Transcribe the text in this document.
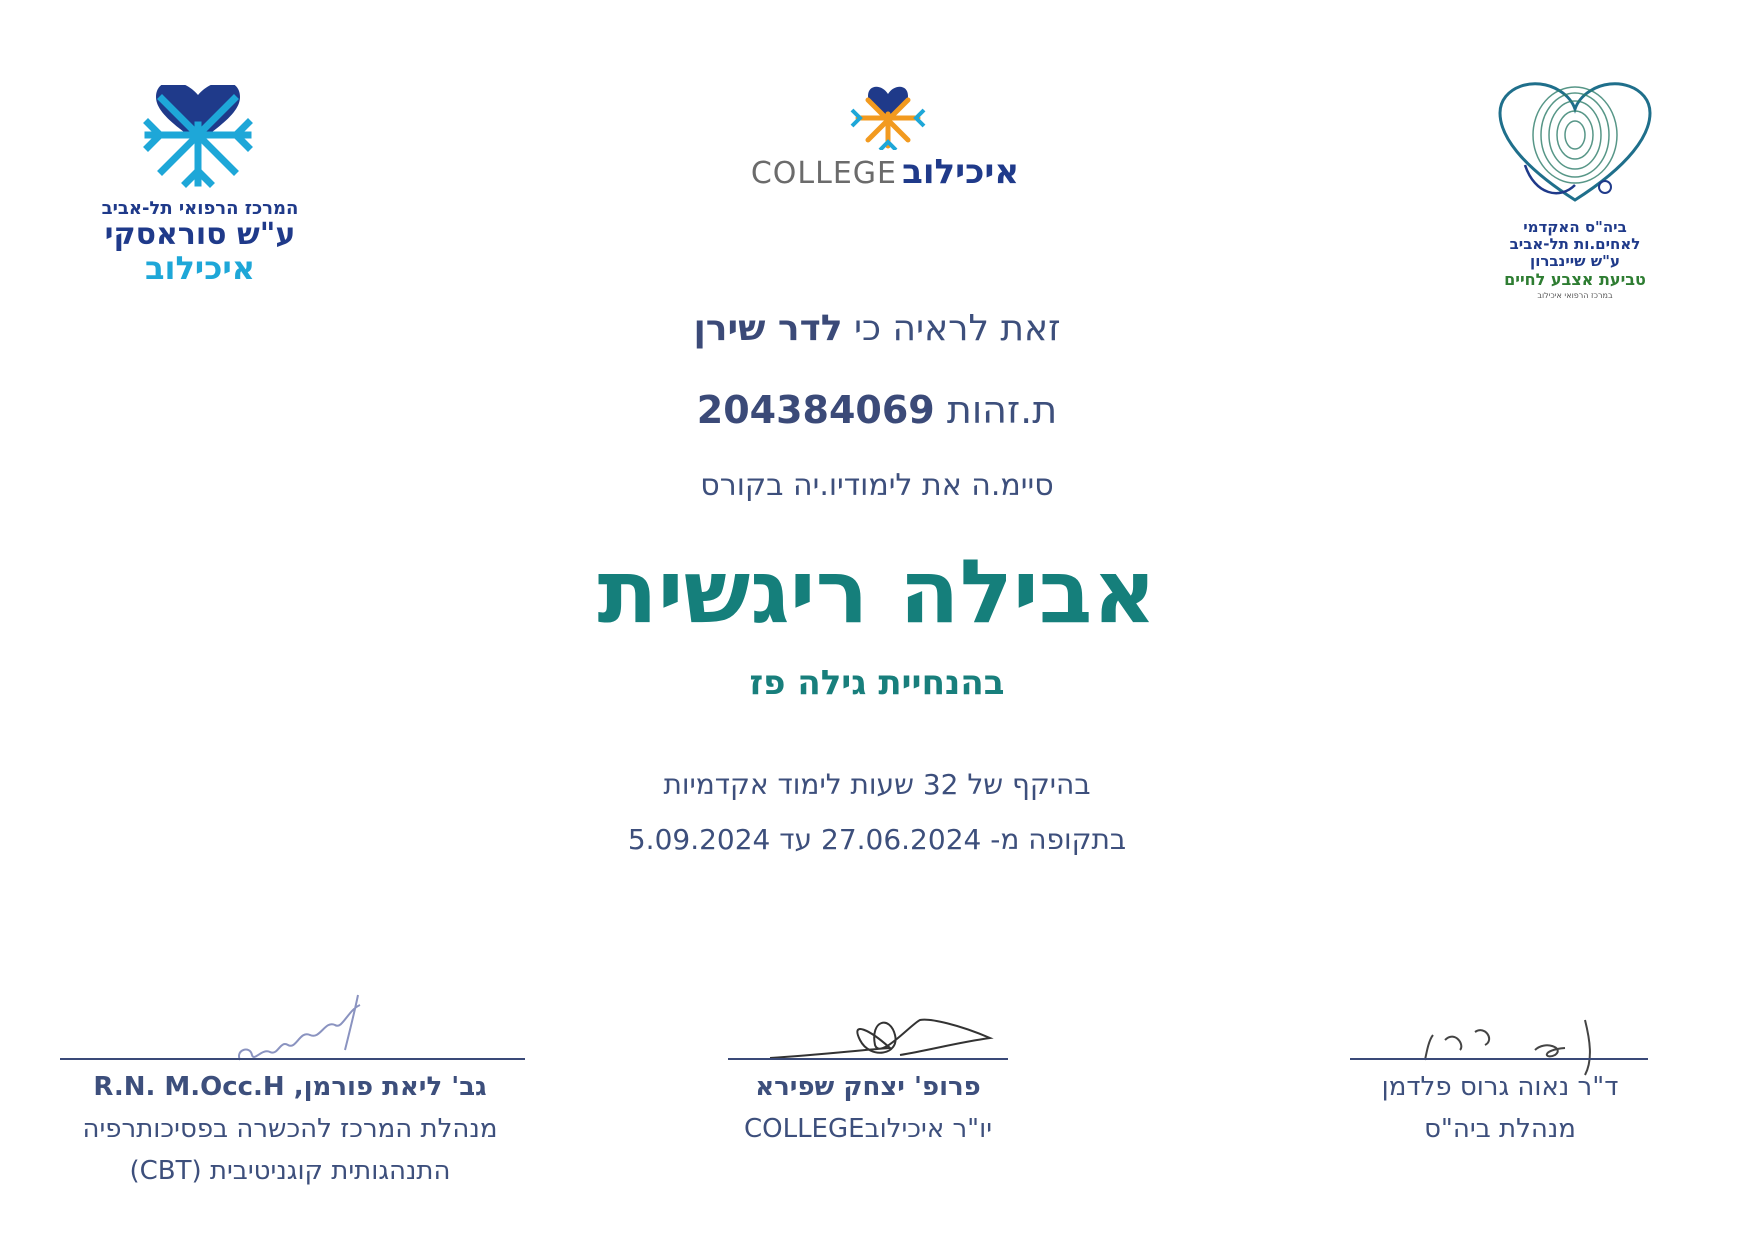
המרכז הרפואי תל-אביב
ע"ש סוראסקי
איכילוב
COLLEGE איכילוב
ביה"ס האקדמי
לאחים.ות תל-אביב
ע"ש שיינברון
טביעת אצבע לחיים
במרכז הרפואי איכילוב
זאת לראיה כי לדר שירן
ת.זהות 204384069
סיימ.ה את לימודיו.יה בקורס
אבילה ריגשית
בהנחיית גילה פז
בהיקף של 32 שעות לימוד אקדמיות
בתקופה מ- 27.06.2024 עד 5.09.2024
גב' ליאת פורמן, R.N. M.Occ.H
מנהלת המרכז להכשרה בפסיכותרפיה
התנהגותית קוגניטיבית (CBT)
פרופ' יצחק שפירא
יו"ר איכילובCOLLEGE
ד"ר נאוה גרוס פלדמן
מנהלת ביה"ס
